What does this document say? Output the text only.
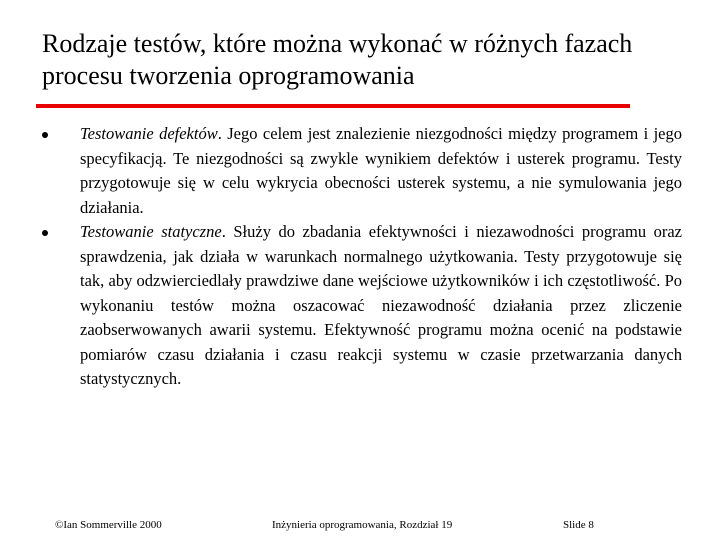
Rodzaje testów, które można wykonać w różnych fazach procesu tworzenia oprogramowania
Testowanie defektów. Jego celem jest znalezienie niezgodności między programem i jego specyfikacją. Te niezgodności są zwykle wynikiem defektów i usterek programu. Testy przygotowuje się w celu wykrycia obecności usterek systemu, a nie symulowania jego działania.
Testowanie statyczne. Służy do zbadania efektywności i niezawodności programu oraz sprawdzenia, jak działa w warunkach normalnego użytkowania. Testy przygotowuje się tak, aby odzwierciedlały prawdziwe dane wejściowe użytkowników i ich częstotliwość. Po wykonaniu testów można oszacować niezawodność działania przez zliczenie zaobserwowanych awarii systemu. Efektywność programu można ocenić na podstawie pomiarów czasu działania i czasu reakcji systemu w czasie przetwarzania danych statystycznych.
©Ian Sommerville 2000	Inżynieria oprogramowania, Rozdział 19	Slide 8
